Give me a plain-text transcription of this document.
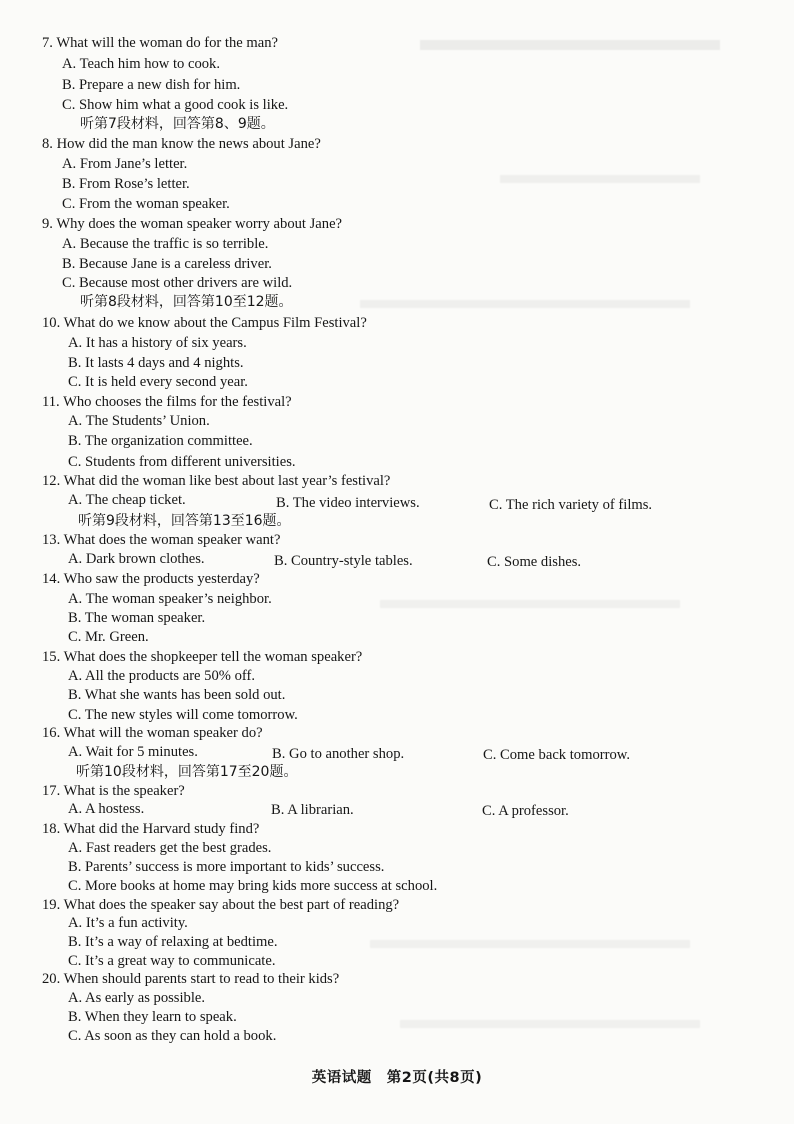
7. What will the woman do for the man?
A. Teach him how to cook.
B. Prepare a new dish for him.
C. Show him what a good cook is like.
听第7段材料，回答第8、9题。
8. How did the man know the news about Jane?
A. From Jane’s letter.
B. From Rose’s letter.
C. From the woman speaker.
9. Why does the woman speaker worry about Jane?
A. Because the traffic is so terrible.
B. Because Jane is a careless driver.
C. Because most other drivers are wild.
听第8段材料，回答第10至12题。
10. What do we know about the Campus Film Festival?
A. It has a history of six years.
B. It lasts 4 days and 4 nights.
C. It is held every second year.
11. Who chooses the films for the festival?
A. The Students’ Union.
B. The organization committee.
C. Students from different universities.
12. What did the woman like best about last year’s festival?
A. The cheap ticket.	B. The video interviews.	C. The rich variety of films.
听第9段材料，回答第13至16题。
13. What does the woman speaker want?
A. Dark brown clothes.	B. Country-style tables.	C. Some dishes.
14. Who saw the products yesterday?
A. The woman speaker’s neighbor.
B. The woman speaker.
C. Mr. Green.
15. What does the shopkeeper tell the woman speaker?
A. All the products are 50% off.
B. What she wants has been sold out.
C. The new styles will come tomorrow.
16. What will the woman speaker do?
A. Wait for 5 minutes.	B. Go to another shop.	C. Come back tomorrow.
听第10段材料，回答第17至20题。
17. What is the speaker?
A. A hostess.	B. A librarian.	C. A professor.
18. What did the Harvard study find?
A. Fast readers get the best grades.
B. Parents’ success is more important to kids’ success.
C. More books at home may bring kids more success at school.
19. What does the speaker say about the best part of reading?
A. It’s a fun activity.
B. It’s a way of relaxing at bedtime.
C. It’s a great way to communicate.
20. When should parents start to read to their kids?
A. As early as possible.
B. When they learn to speak.
C. As soon as they can hold a book.
英语试题　第2页(共8页)
